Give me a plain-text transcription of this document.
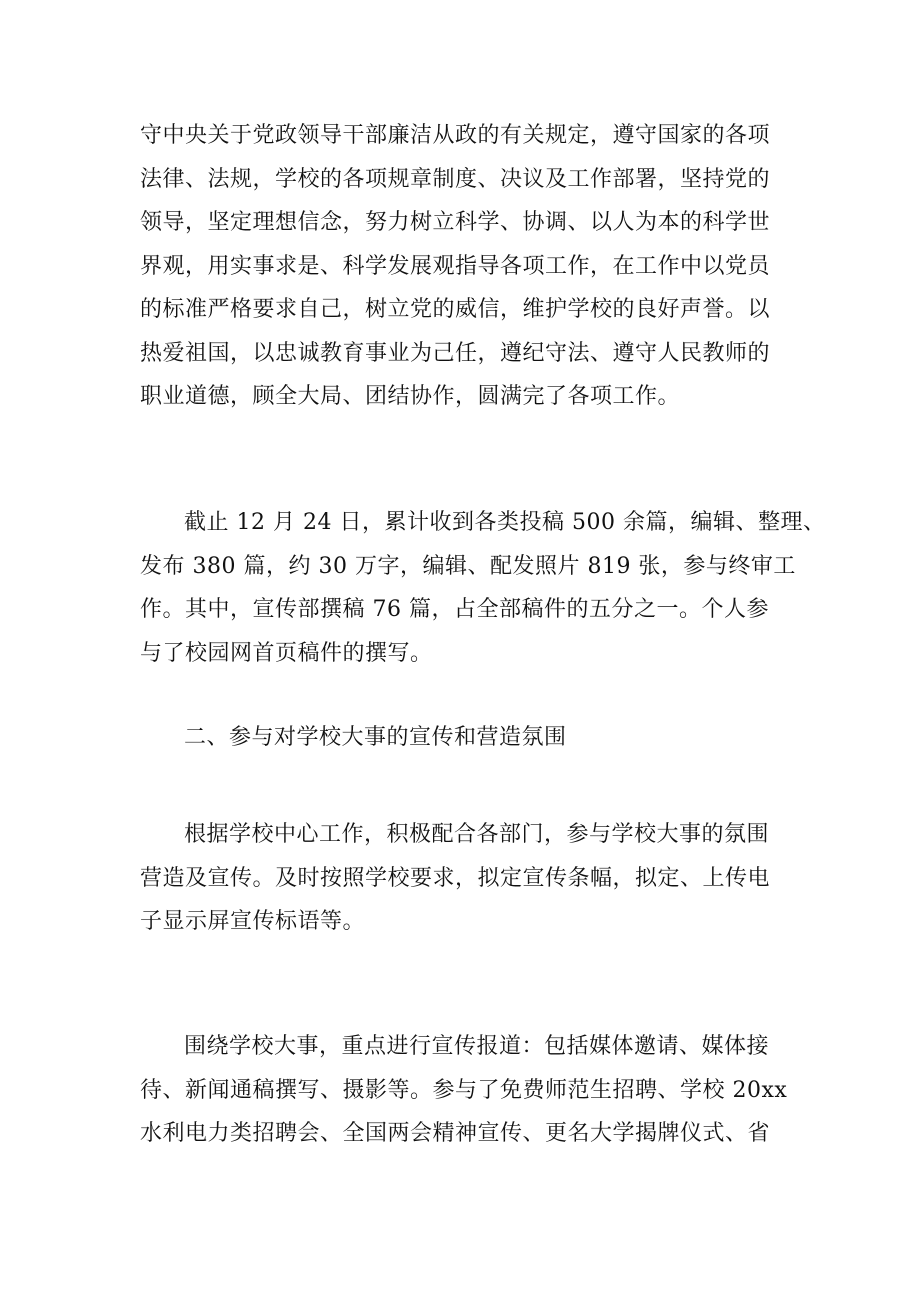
守中央关于党政领导干部廉洁从政的有关规定，遵守国家的各项
法律、法规，学校的各项规章制度、决议及工作部署，坚持党的
领导，坚定理想信念，努力树立科学、协调、以人为本的科学世
界观，用实事求是、科学发展观指导各项工作，在工作中以党员
的标准严格要求自己，树立党的威信，维护学校的良好声誉。以
热爱祖国，以忠诚教育事业为己任，遵纪守法、遵守人民教师的
职业道德，顾全大局、团结协作，圆满完了各项工作。
截止 12 月 24 日，累计收到各类投稿 500 余篇，编辑、整理、
发布 380 篇，约 30 万字，编辑、配发照片 819 张，参与终审工
作。其中，宣传部撰稿 76 篇，占全部稿件的五分之一。个人参
与了校园网首页稿件的撰写。
二、参与对学校大事的宣传和营造氛围
根据学校中心工作，积极配合各部门，参与学校大事的氛围
营造及宣传。及时按照学校要求，拟定宣传条幅，拟定、上传电
子显示屏宣传标语等。
围绕学校大事，重点进行宣传报道：包括媒体邀请、媒体接
待、新闻通稿撰写、摄影等。参与了免费师范生招聘、学校 20xx
水利电力类招聘会、全国两会精神宣传、更名大学揭牌仪式、省
